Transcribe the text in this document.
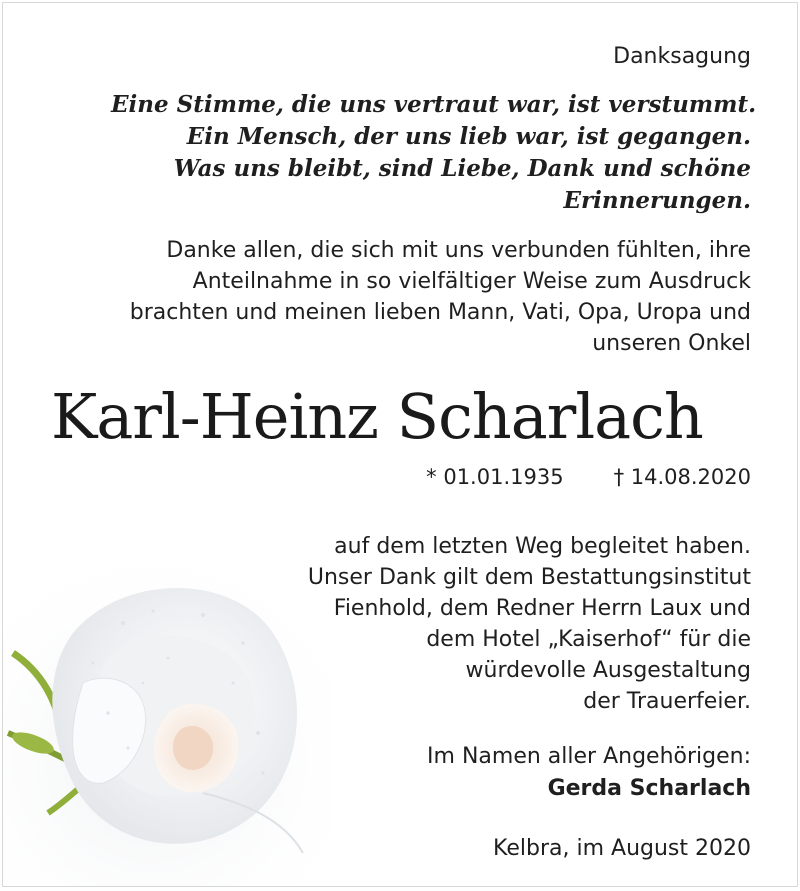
Danksagung
Eine Stimme, die uns vertraut war, ist verstummt.
Ein Mensch, der uns lieb war, ist gegangen.
Was uns bleibt, sind Liebe, Dank und schöne
Erinnerungen.
Danke allen, die sich mit uns verbunden fühlten, ihre
Anteilnahme in so vielfältiger Weise zum Ausdruck
brachten und meinen lieben Mann, Vati, Opa, Uropa und
unseren Onkel
Karl-Heinz Scharlach
* 01.01.1935 † 14.08.2020
auf dem letzten Weg begleitet haben.
Unser Dank gilt dem Bestattungsinstitut
Fienhold, dem Redner Herrn Laux und
dem Hotel „Kaiserhof“ für die
würdevolle Ausgestaltung
der Trauerfeier.
Im Namen aller Angehörigen:
Gerda Scharlach
Kelbra, im August 2020
